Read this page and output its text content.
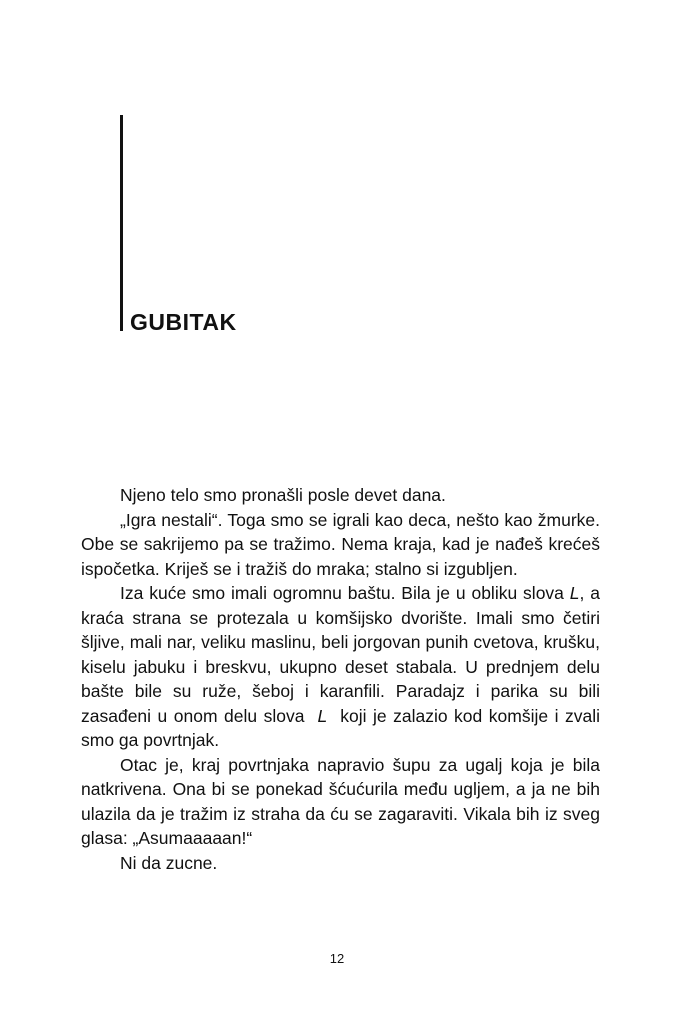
GUBITAK

Njeno telo smo pronašli posle devet dana.

„Igra nestali“. Toga smo se igrali kao deca, nešto kao žmurke. Obe se sakrijemo pa se tražimo. Nema kraja, kad je nađeš krećeš ispočetka. Kriješ se i tražiš do mraka; stalno si izgubljen.

Iza kuće smo imali ogromnu baštu. Bila je u obliku slova L, a kraća strana se protezala u komšijsko dvorište. Imali smo četiri šljive, mali nar, veliku maslinu, beli jorgovan punih cvetova, krušku, kiselu jabuku i breskvu, ukupno deset stabala. U prednjem delu bašte bile su ruže, šeboj i karanfili. Paradajz i parika su bili zasađeni u onom delu slova  L  koji je zalazio kod komšije i zvali smo ga povrtnjak.

Otac je, kraj povrtnjaka napravio šupu za ugalj koja je bila natkrivena. Ona bi se ponekad šćućurila među ugljem, a ja ne bih ulazila da je tražim iz straha da ću se zagaraviti. Vikala bih iz sveg glasa: „Asumaaaaan!“

Ni da zucne.

12
